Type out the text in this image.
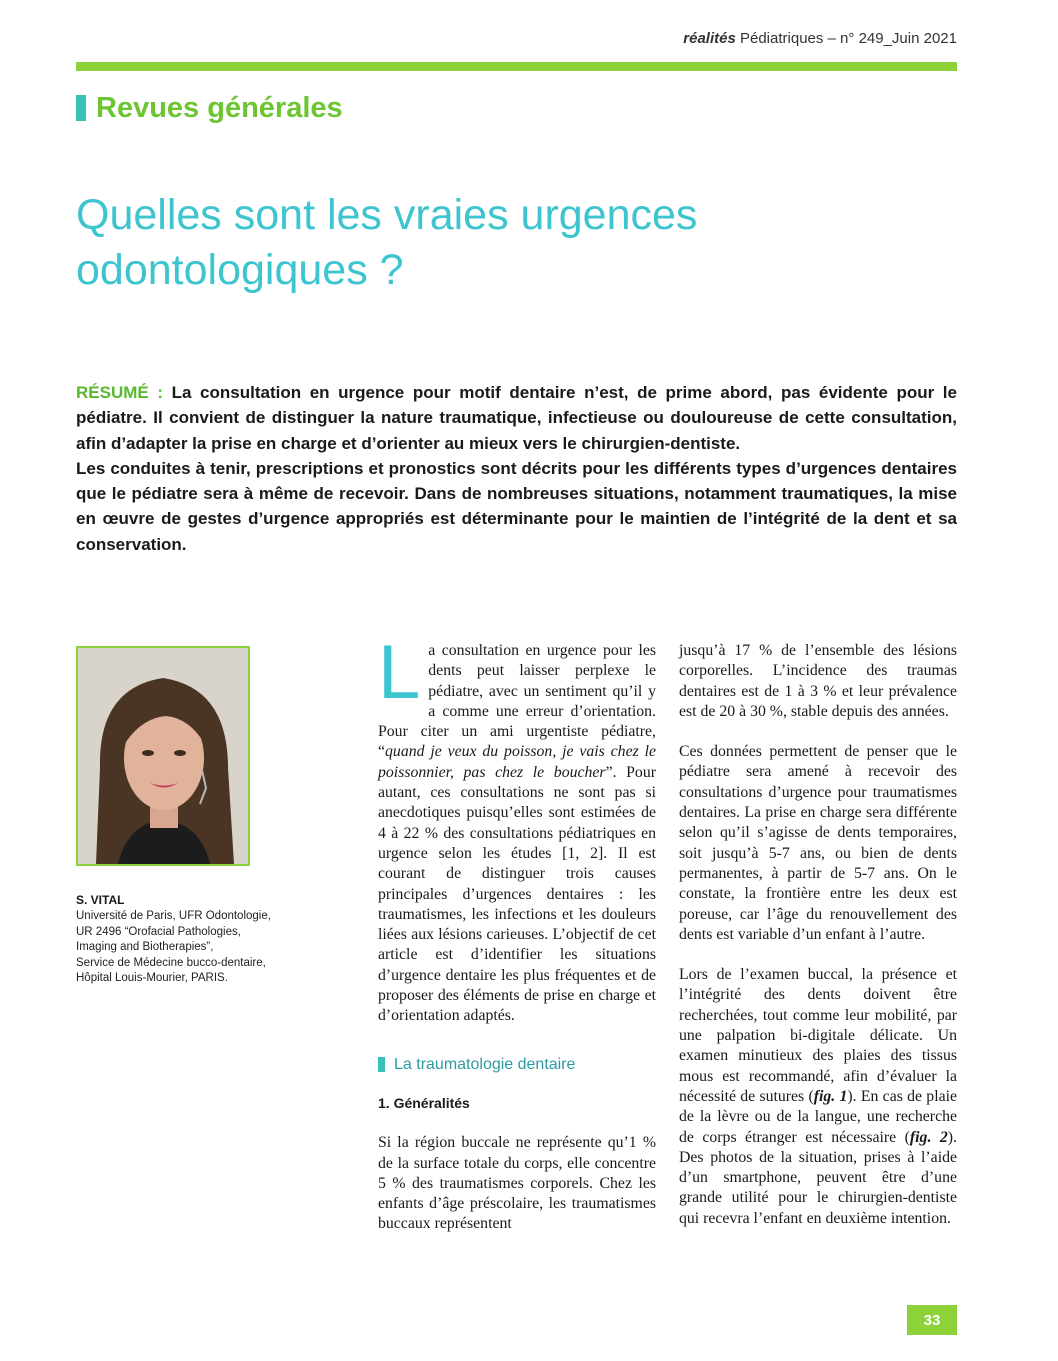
réalités Pédiatriques – n° 249_Juin 2021
Revues générales
Quelles sont les vraies urgences
odontologiques ?

RÉSUMÉ : La consultation en urgence pour motif dentaire n’est, de prime abord, pas évidente pour le pédiatre. Il convient de distinguer la nature traumatique, infectieuse ou douloureuse de cette consultation, afin d’adapter la prise en charge et d’orienter au mieux vers le chirurgien-dentiste.

Les conduites à tenir, prescriptions et pronostics sont décrits pour les différents types d’urgences dentaires que le pédiatre sera à même de recevoir. Dans de nombreuses situations, notamment traumatiques, la mise en œuvre de gestes d’urgence appropriés est déterminante pour le maintien de l’intégrité de la dent et sa conservation.

S. VITAL
Université de Paris, UFR Odontologie,
UR 2496 “Orofacial Pathologies,
Imaging and Biotherapies”,
Service de Médecine bucco-dentaire,
Hôpital Louis-Mourier, PARIS.

La consultation en urgence pour les dents peut laisser perplexe le pédiatre, avec un sentiment qu’il y a comme une erreur d’orientation. Pour citer un ami urgentiste pédiatre, “quand je veux du poisson, je vais chez le poissonnier, pas chez le boucher”. Pour autant, ces consultations ne sont pas si anecdotiques puisqu’elles sont estimées de 4 à 22 % des consultations pédiatriques en urgence selon les études [1, 2]. Il est courant de distinguer trois causes principales d’urgences dentaires : les traumatismes, les infections et les douleurs liées aux lésions carieuses. L’objectif de cet article est d’identifier les situations d’urgence dentaire les plus fréquentes et de proposer des éléments de prise en charge et d’orientation adaptés.

La traumatologie dentaire
1. Généralités

Si la région buccale ne représente qu’1 % de la surface totale du corps, elle concentre 5 % des traumatismes corporels. Chez les enfants d’âge préscolaire, les traumatismes buccaux représentent

jusqu’à 17 % de l’ensemble des lésions corporelles. L’incidence des traumas dentaires est de 1 à 3 % et leur prévalence est de 20 à 30 %, stable depuis des années.

Ces données permettent de penser que le pédiatre sera amené à recevoir des consultations d’urgence pour traumatismes dentaires. La prise en charge sera différente selon qu’il s’agisse de dents temporaires, soit jusqu’à 5-7 ans, ou bien de dents permanentes, à partir de 5-7 ans. On le constate, la frontière entre les deux est poreuse, car l’âge du renouvellement des dents est variable d’un enfant à l’autre.

Lors de l’examen buccal, la présence et l’intégrité des dents doivent être recherchées, tout comme leur mobilité, par une palpation bi-digitale délicate. Un examen minutieux des plaies des tissus mous est recommandé, afin d’évaluer la nécessité de sutures (fig. 1). En cas de plaie de la lèvre ou de la langue, une recherche de corps étranger est nécessaire (fig. 2). Des photos de la situation, prises à l’aide d’un smartphone, peuvent être d’une grande utilité pour le chirurgien-dentiste qui recevra l’enfant en deuxième intention.

33
